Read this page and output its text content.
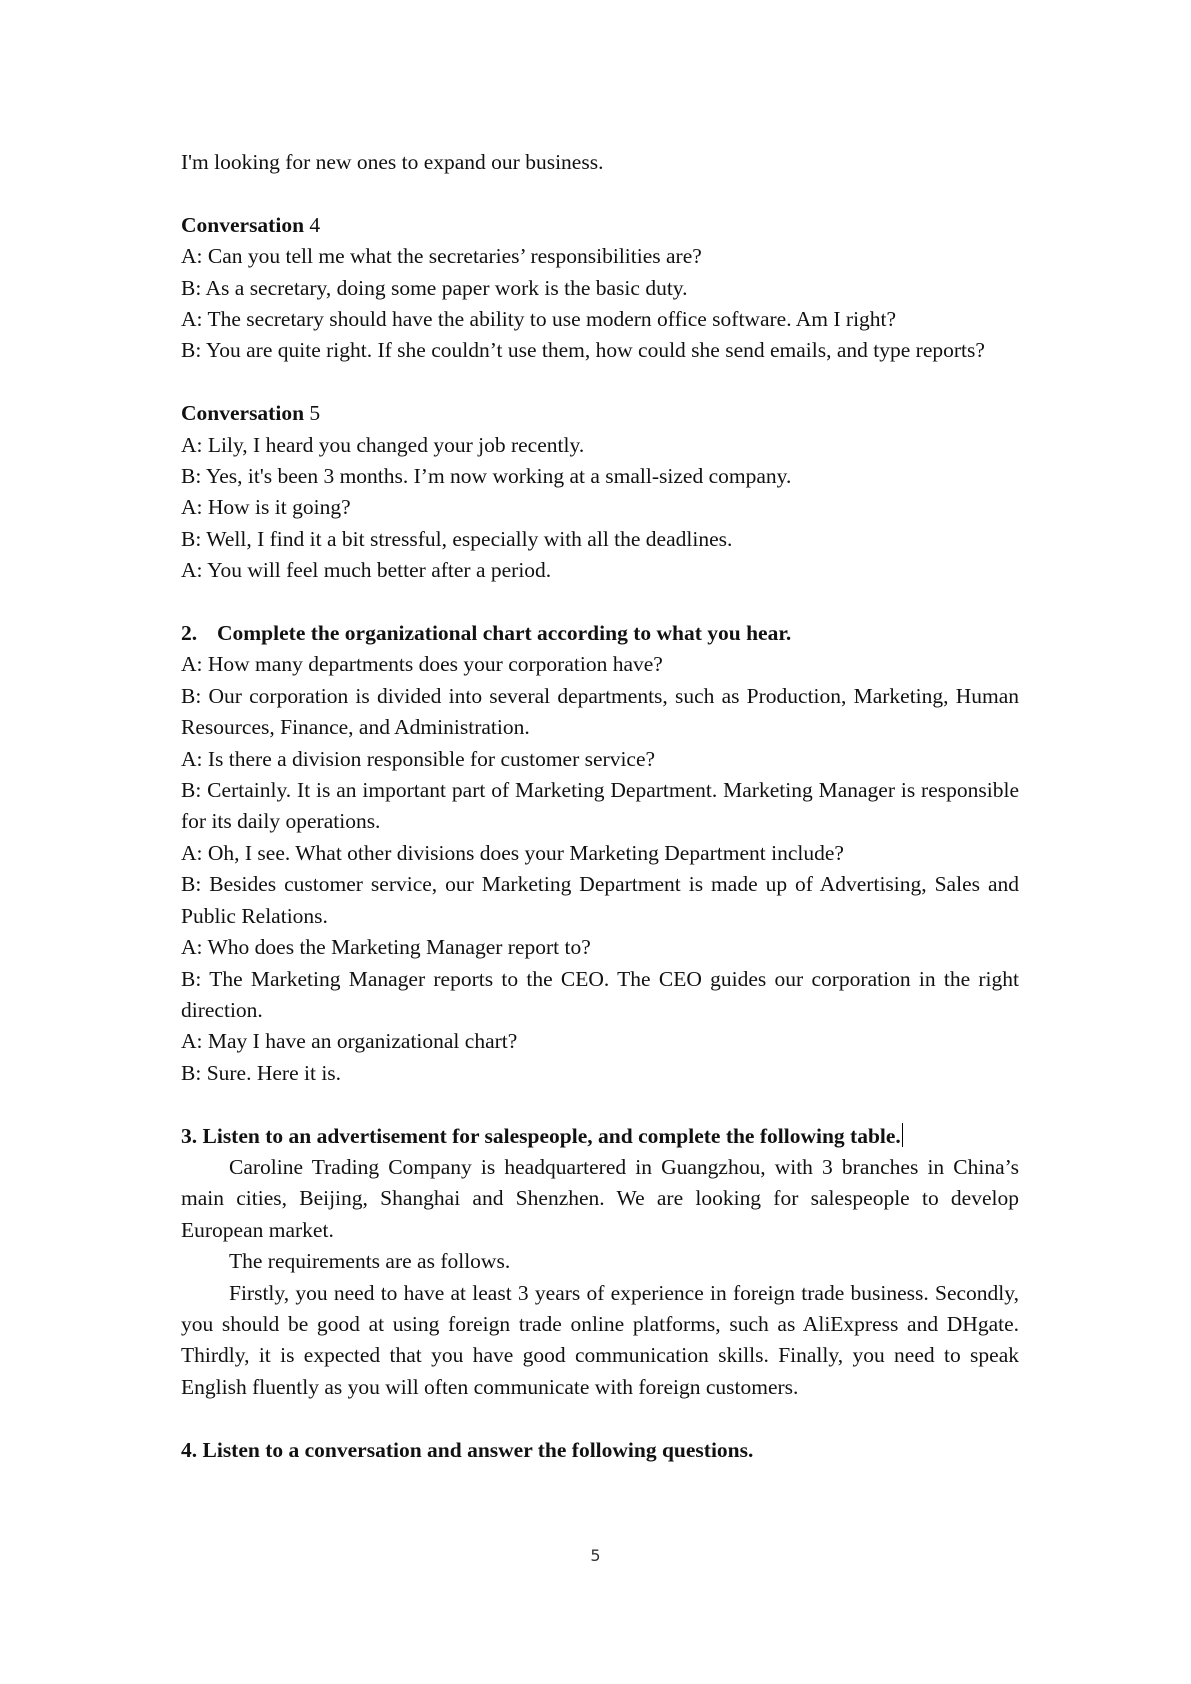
I'm looking for new ones to expand our business.
Conversation 4
A: Can you tell me what the secretaries’ responsibilities are?
B: As a secretary, doing some paper work is the basic duty.
A: The secretary should have the ability to use modern office software. Am I right?
B: You are quite right. If she couldn’t use them, how could she send emails, and type reports?
Conversation 5
A: Lily, I heard you changed your job recently.
B: Yes, it's been 3 months. I’m now working at a small-sized company.
A: How is it going?
B: Well, I find it a bit stressful, especially with all the deadlines.
A: You will feel much better after a period.
2. Complete the organizational chart according to what you hear.
A: How many departments does your corporation have?
B: Our corporation is divided into several departments, such as Production, Marketing, Human Resources, Finance, and Administration.
A: Is there a division responsible for customer service?
B: Certainly. It is an important part of Marketing Department. Marketing Manager is responsible for its daily operations.
A: Oh, I see. What other divisions does your Marketing Department include?
B: Besides customer service, our Marketing Department is made up of Advertising, Sales and Public Relations.
A: Who does the Marketing Manager report to?
B: The Marketing Manager reports to the CEO. The CEO guides our corporation in the right direction.
A: May I have an organizational chart?
B: Sure. Here it is.
3. Listen to an advertisement for salespeople, and complete the following table.
Caroline Trading Company is headquartered in Guangzhou, with 3 branches in China’s main cities, Beijing, Shanghai and Shenzhen. We are looking for salespeople to develop European market.
The requirements are as follows.
Firstly, you need to have at least 3 years of experience in foreign trade business. Secondly, you should be good at using foreign trade online platforms, such as AliExpress and DHgate. Thirdly, it is expected that you have good communication skills. Finally, you need to speak English fluently as you will often communicate with foreign customers.
4. Listen to a conversation and answer the following questions.
5
